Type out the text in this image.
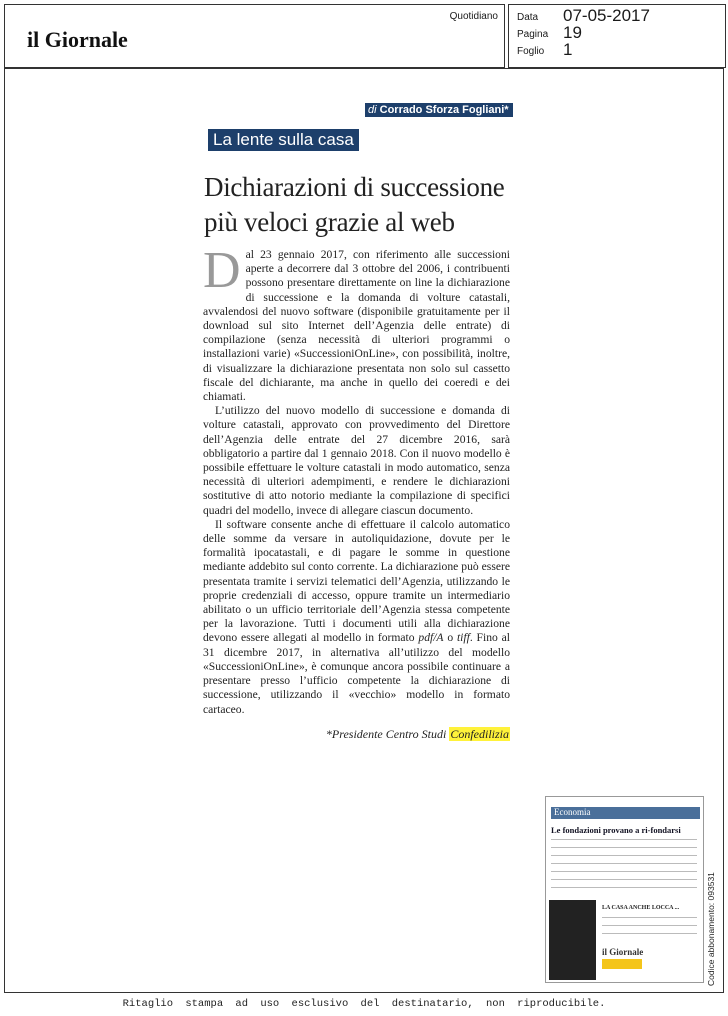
il Giornale
Quotidiano Data 07-05-2017
Pagina 19
Foglio 1
di Corrado Sforza Fogliani*
La lente sulla casa
Dichiarazioni di successione
più veloci grazie al web

Dal 23 gennaio 2017, con riferimento alle successioni aperte a decorrere dal 3 ottobre del 2006, i contribuenti possono presentare direttamente on line la dichiarazione di successione e la domanda di volture catastali, avvalendosi del nuovo software (disponibile gratuitamente per il download sul sito Internet dell’Agenzia delle entrate) di compilazione (senza necessità di ulteriori programmi o installazioni varie) «SuccessioniOnLine», con possibilità, inoltre, di visualizzare la dichiarazione presentata non solo sul cassetto fiscale del dichiarante, ma anche in quello dei coeredi e dei chiamati.

L’utilizzo del nuovo modello di successione e domanda di volture catastali, approvato con provvedimento del Direttore dell’Agenzia delle entrate del 27 dicembre 2016, sarà obbligatorio a partire dal 1 gennaio 2018. Con il nuovo modello è possibile effettuare le volture catastali in modo automatico, senza necessità di ulteriori adempimenti, e rendere le dichiarazioni sostitutive di atto notorio mediante la compilazione di specifici quadri del modello, invece di allegare ciascun documento.

Il software consente anche di effettuare il calcolo automatico delle somme da versare in autoliquidazione, dovute per le formalità ipocatastali, e di pagare le somme in questione mediante addebito sul conto corrente. La dichiarazione può essere presentata tramite i servizi telematici dell’Agenzia, utilizzando le proprie credenziali di accesso, oppure tramite un intermediario abilitato o un ufficio territoriale dell’Agenzia stessa competente per la lavorazione. Tutti i documenti utili alla dichiarazione devono essere allegati al modello in formato pdf/A o tiff. Fino al 31 dicembre 2017, in alternativa all’utilizzo del modello «SuccessioniOnLine», è comunque ancora possibile continuare a presentare presso l’ufficio competente la dichiarazione di successione, utilizzando il «vecchio» modello in formato cartaceo.

*Presidente Centro Studi Confedilizia
Economia
Le fondazioni provano a ri-fondarsi
LA CASA ANCHE LOCCA ...
il Giornale	Codice abbonamento: 093531
Ritaglio stampa ad uso esclusivo del destinatario, non riproducibile.
